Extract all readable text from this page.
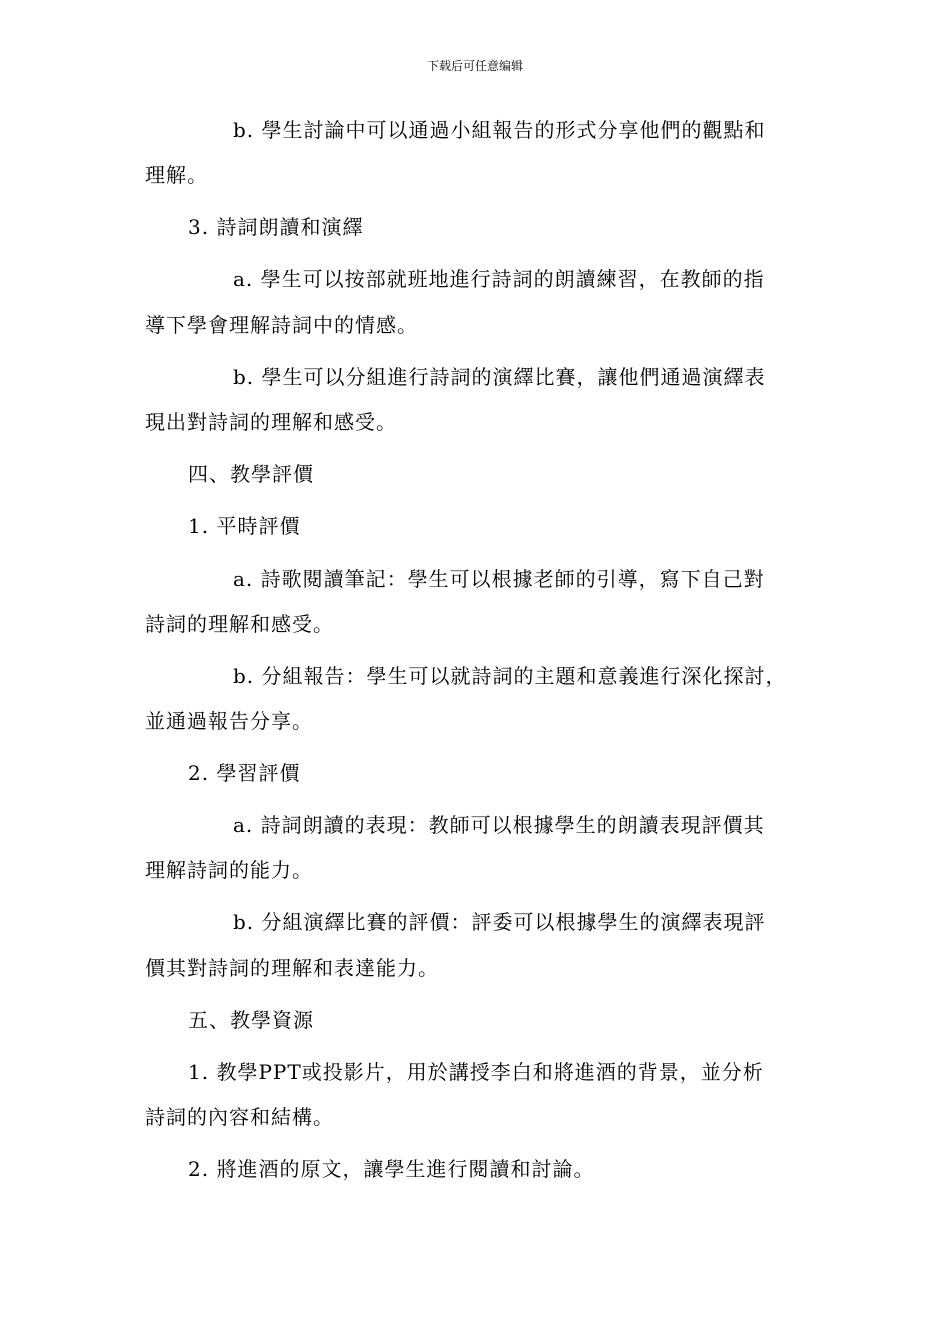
下载后可任意编辑
b. 學生討論中可以通過小組報告的形式分享他們的觀點和
理解。
3. 詩詞朗讀和演繹
a. 學生可以按部就班地進行詩詞的朗讀練習，在教師的指
導下學會理解詩詞中的情感。
b. 學生可以分組進行詩詞的演繹比賽，讓他們通過演繹表
現出對詩詞的理解和感受。
四、教學評價
1. 平時評價
a. 詩歌閱讀筆記：學生可以根據老師的引導，寫下自己對
詩詞的理解和感受。
b. 分組報告：學生可以就詩詞的主題和意義進行深化探討，
並通過報告分享。
2. 學習評價
a. 詩詞朗讀的表現：教師可以根據學生的朗讀表現評價其
理解詩詞的能力。
b. 分組演繹比賽的評價：評委可以根據學生的演繹表現評
價其對詩詞的理解和表達能力。
五、教學資源
1. 教學PPT或投影片，用於講授李白和將進酒的背景，並分析
詩詞的內容和結構。
2. 將進酒的原文，讓學生進行閱讀和討論。
